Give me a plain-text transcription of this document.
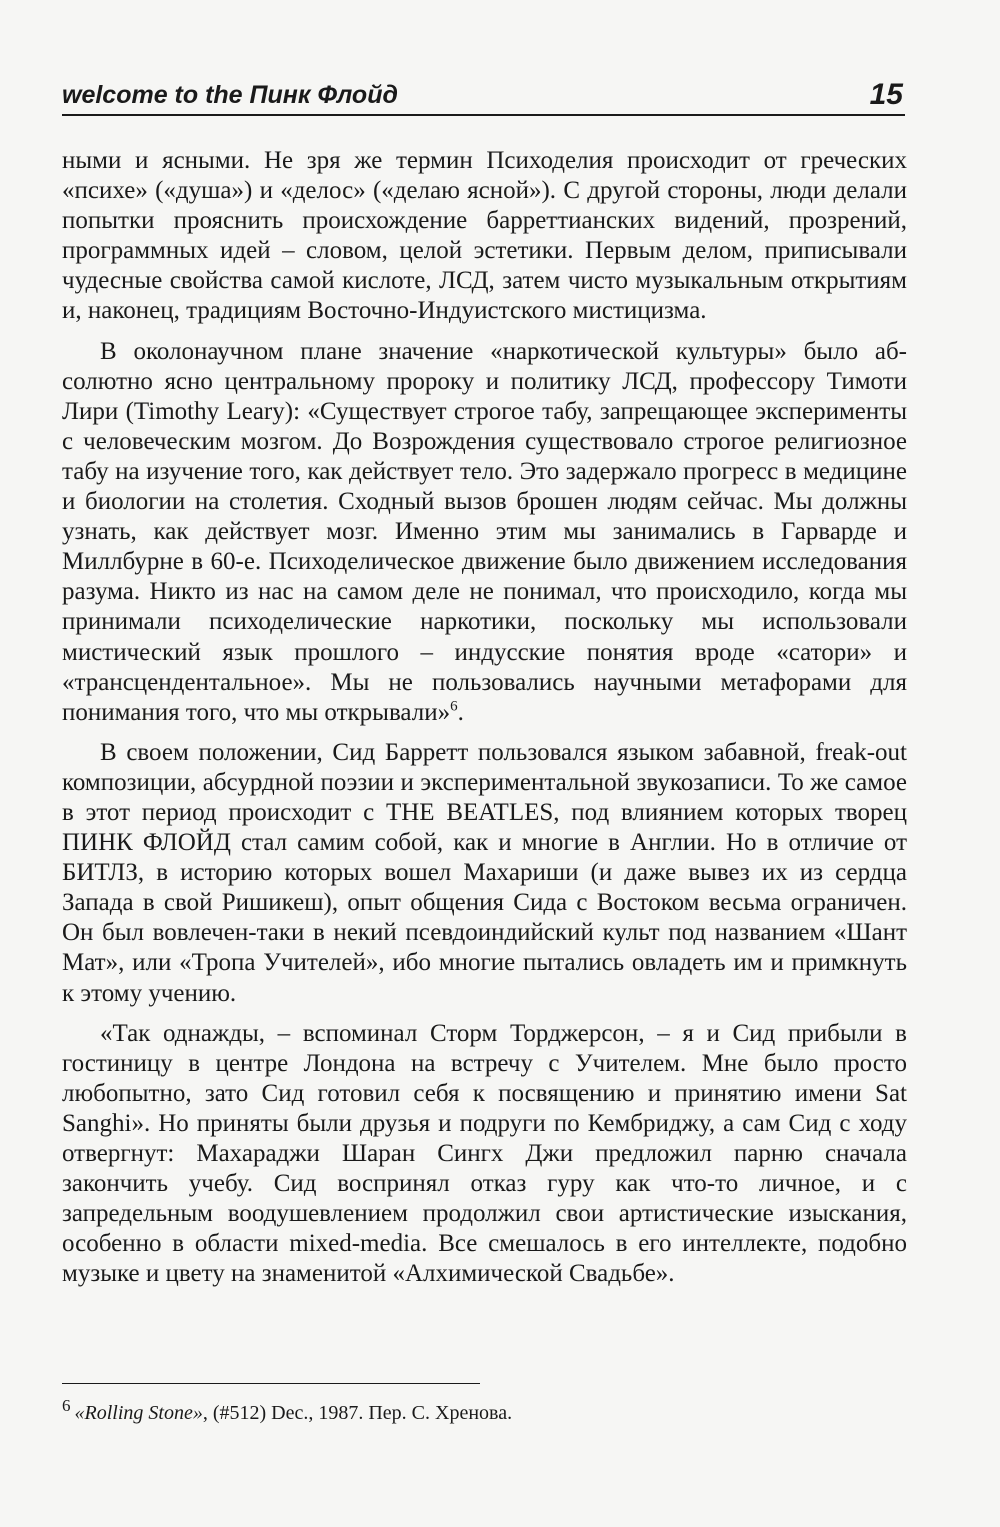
welcome to the Пинк Флойд	15

ными и ясными. Не зря же термин Психоделия происходит от греческих «психе» («душа») и «делос» («делаю ясной»). С другой стороны, люди делали попытки прояснить происхождение барреттианских видений, прозрений, программных идей – словом, целой эстетики. Первым делом, приписывали чудесные свойства самой кислоте, ЛСД, затем чисто музыкальным открытиям и, наконец, традициям Восточно-Индуистского мистицизма.

В околонаучном плане значение «наркотической культуры» было абсолютно ясно центральному пророку и политику ЛСД, профессору Тимоти Лири (Timothy Leary): «Существует строгое табу, запрещающее эксперименты с человеческим мозгом. До Возрождения существовало строгое религиозное табу на изучение того, как действует тело. Это задержало прогресс в медицине и биологии на столетия. Сходный вызов брошен людям сейчас. Мы должны узнать, как действует мозг. Именно этим мы занимались в Гарварде и Миллбурне в 60-е. Психоделическое движение было движением исследования разума. Никто из нас на самом деле не понимал, что происходило, когда мы принимали психоделические наркотики, поскольку мы использовали мистический язык прошлого – индусские понятия вроде «сатори» и «трансцендентальное». Мы не пользовались научными метафорами для понимания того, что мы открывали»$^6$.

В своем положении, Сид Барретт пользовался языком забавной, freak-out композиции, абсурдной поэзии и экспериментальной звукозаписи. То же самое в этот период происходит с THE BEATLES, под влиянием которых творец ПИНК ФЛОЙД стал самим собой, как и многие в Англии. Но в отличие от БИТЛЗ, в историю которых вошел Махариши (и даже вывез их из сердца Запада в свой Ришикеш), опыт общения Сида с Востоком весьма ограничен. Он был вовлечен-таки в некий псевдоиндийский культ под названием «Шант Мат», или «Тропа Учителей», ибо многие пытались овладеть им и примкнуть к этому учению.

«Так однажды, – вспоминал Сторм Торджерсон, – я и Сид прибыли в гостиницу в центре Лондона на встречу с Учителем. Мне было просто любопытно, зато Сид готовил себя к посвящению и принятию имени Sat Sanghi». Но приняты были друзья и подруги по Кембриджу, а сам Сид с ходу отвергнут: Махараджи Шаран Сингх Джи предложил парню сначала закончить учебу. Сид воспринял отказ гуру как что-то личное, и с запредельным воодушевлением продолжил свои артистические изыскания, особенно в области mixed-media. Все смешалось в его интеллекте, подобно музыке и цвету на знаменитой «Алхимической Свадьбе».

$^6$ «Rolling Stone», (#512) Dec., 1987. Пер. С. Хренова.
